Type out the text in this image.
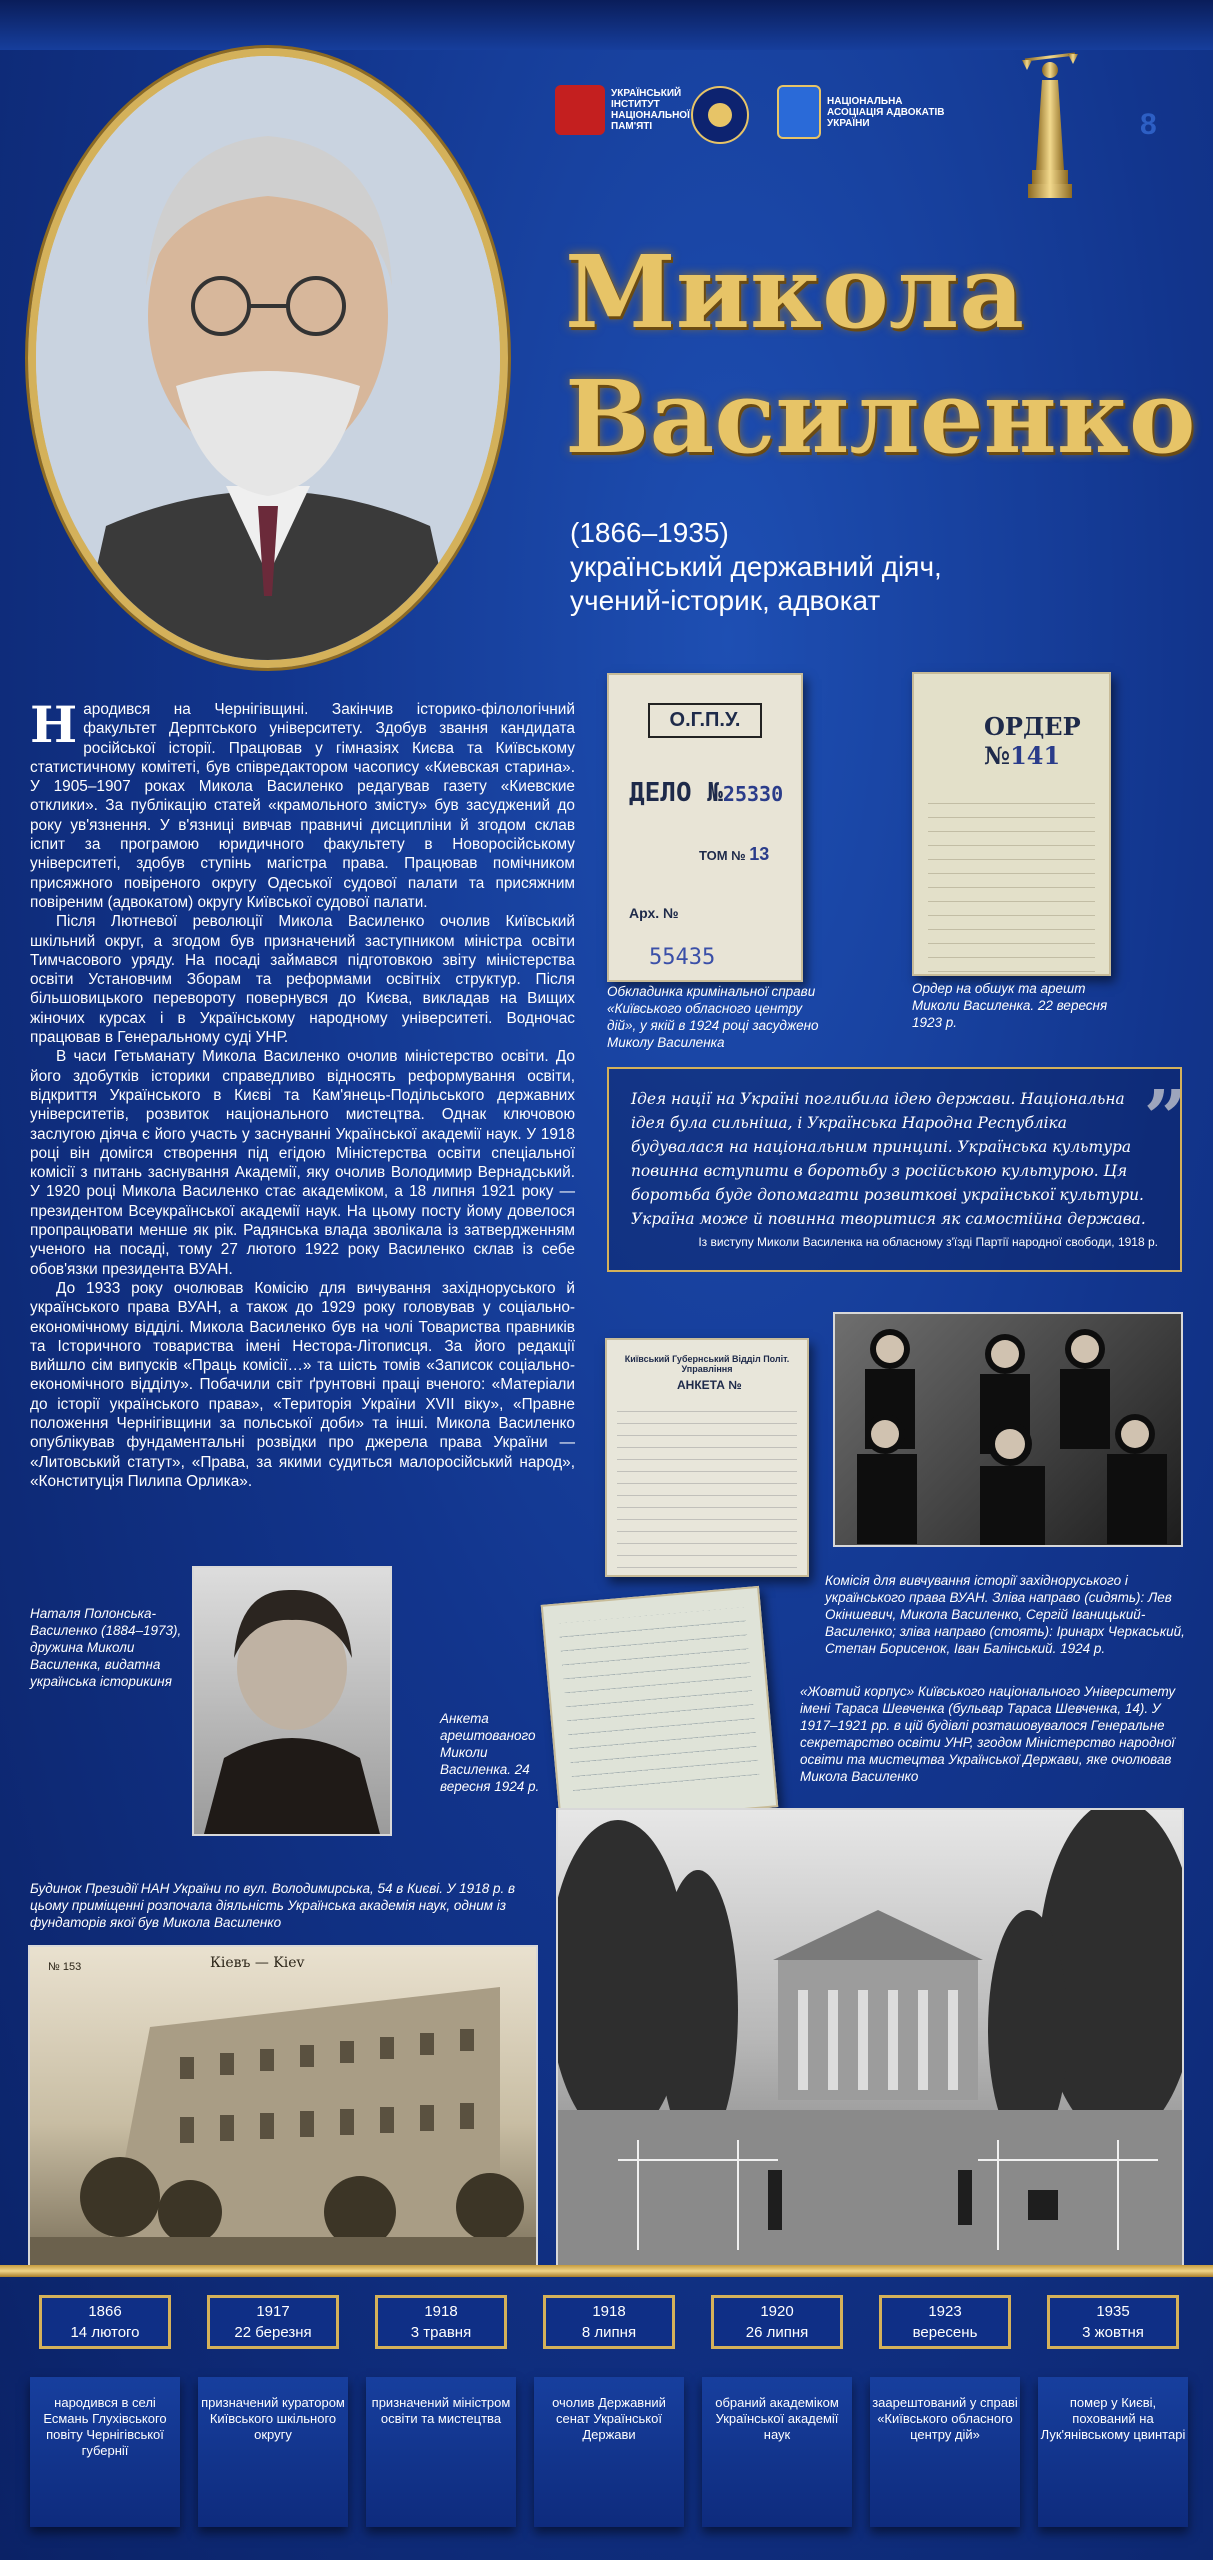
УКРАЇНСЬКИЙ ІНСТИТУТ НАЦІОНАЛЬНОЇ ПАМ'ЯТІ
НАЦІОНАЛЬНА АСОЦІАЦІЯ АДВОКАТІВ УКРАЇНИ	8
Микола
Василенко
(1866–1935)
український державний діяч,
учений-історик, адвокат

Народився на Чернігівщині. Закінчив історико-філологічний факультет Дерптського університету. Здобув звання кандидата російської історії. Працював у гімназіях Києва та Київському статистичному комітеті, був співредактором часопису «Киевская старина». У 1905–1907 роках Микола Василенко редагував газету «Киевские отклики». За публікацію статей «крамольного змісту» був засуджений до року ув'язнення. У в'язниці вивчав правничі дисципліни й згодом склав іспит за програмою юридичного факультету в Новоросійському університеті, здобув ступінь магістра права. Працював помічником присяжного повіреного округу Одеської судової палати та присяжним повіреним (адвокатом) округу Київської судової палати.

Після Лютневої революції Микола Василенко очолив Київський шкільний округ, а згодом був призначений заступником міністра освіти Тимчасового уряду. На посаді займався підготовкою звіту міністерства освіти Установчим Зборам та реформами освітніх структур. Після більшовицького перевороту повернувся до Києва, викладав на Вищих жіночих курсах і в Українському народному університеті. Водночас працював в Генеральному суді УНР.

В часи Гетьманату Микола Василенко очолив міністерство освіти. До його здобутків історики справедливо відносять реформування освіти, відкриття Українського в Києві та Кам'янець-Подільського державних університетів, розвиток національного мистецтва. Однак ключовою заслугою діяча є його участь у заснуванні Української академії наук. У 1918 році він домігся створення під егідою Міністерства освіти спеціальної комісії з питань заснування Академії, яку очолив Володимир Вернадський. У 1920 році Микола Василенко стає академіком, а 18 липня 1921 року — президентом Всеукраїнської академії наук. На цьому посту йому довелося пропрацювати менше як рік. Радянська влада зволікала із затвердженням ученого на посаді, тому 27 лютого 1922 року Василенко склав із себе обов'язки президента ВУАН.

До 1933 року очолював Комісію для вичування західноруського й українського права ВУАН, а також до 1929 року головував у соціально-економічному відділі. Микола Василенко був на чолі Товариства правників та Історичного товариства імені Нестора-Літописця. За його редакції вийшло сім випусків «Праць комісії…» та шість томів «Записок соціально-економічного відділу». Побачили світ ґрунтовні праці вченого: «Матеріали до історії українського права», «Територія України XVII віку», «Правне положення Чернігівщини за польської доби» та інші. Микола Василенко опублікував фундаментальні розвідки про джерела права України — «Литовський статут», «Права, за якими судиться малоросійський народ», «Конституція Пилипа Орлика».

О.Г.П.У.
ДЕЛО №25330
ТОМ № 13
Арх. №
55435
Обкладинка кримінальної справи «Київського обласного центру дій», у якій в 1924 році засуджено Миколу Василенка
ОРДЕР №141
Ордер на обшук та арешт Миколи Василенка. 22 вересня 1923 р.
„
Ідея нації на Україні поглибила ідею держави. Національна ідея була сильніша, і Українська Народна Республіка будувалася на національним принципі. Українська культура повинна вступити в боротьбу з російською культурою. Ця боротьба буде допомагати розвиткові української культури. Україна може й повинна творитися як самостійна держава.
Із виступу Миколи Василенка на обласному з'їзді Партії народної свободи, 1918 р.
Київський Губернський Відділ Політ. Управління
АНКЕТА №
Комісія для вивчування історії західноруського і українського права ВУАН. Зліва направо (сидять): Лев Окіншевич, Микола Василенко, Сергій Іваницький-Василенко; зліва направо (стоять): Іринарх Черкаський, Степан Борисенок, Іван Балінський. 1924 р.
Наталя Полонська-Василенко (1884–1973), дружина Миколи Василенка, видатна українська історикиня
Анкета арештованого Миколи Василенка. 24 вересня 1924 р.
«Жовтий корпус» Київського національного Університету імені Тараса Шевченка (бульвар Тараса Шевченка, 14). У 1917–1921 рр. в цій будівлі розташовувалося Генеральне секретарство освіти УНР, згодом Міністерство народної освіти та мистецтва Української Держави, яке очолював Микола Василенко
Будинок Президії НАН України по вул. Володимирська, 54 в Києві. У 1918 р. в цьому приміщенні розпочала діяльність Українська академія наук, одним із фундаторів якої був Микола Василенко
Кіевъ — Kiev
№ 153
1866
14 лютого
народився в селі Есмань Глухівського повіту Чернігівської губернії
1917
22 березня
призначений куратором Київського шкільного округу
1918
3 травня
призначений міністром освіти та мистецтва
1918
8 липня
очолив Державний сенат Української Держави
1920
26 липня
обраний академіком Української академії наук
1923
вересень
заарештований у справі «Київського обласного центру дій»
1935
3 жовтня
помер у Києві, похований на Лук'янівському цвинтарі
